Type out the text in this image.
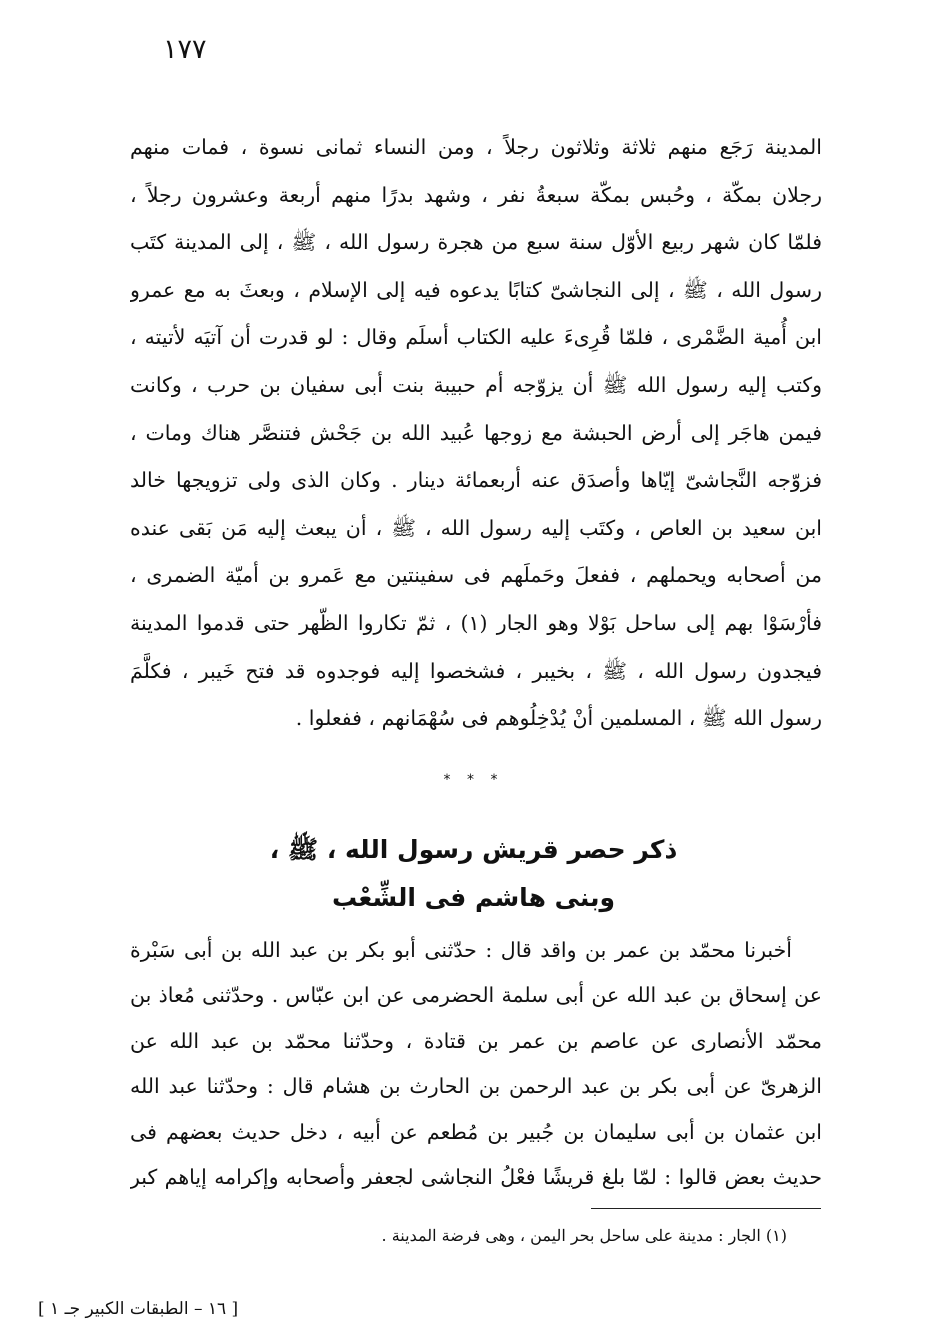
١٧٧
المدينة رَجَع منهم ثلاثة وثلاثون رجلاً ، ومن النساء ثمانى نسوة ، فمات منهم
رجلان بمكّة ، وحُبس بمكّة سبعةُ نفر ، وشهد بدرًا منهم أربعة وعشرون رجلاً ،
فلمّا كان شهر ربيع الأوّل سنة سبع من هجرة رسول الله ، ﷺ ، إلى المدينة كتَب
رسول الله ، ﷺ ، إلى النجاشىّ كتابًا يدعوه فيه إلى الإسلام ، وبعثَ به مع عمرو
ابن أُمية الضَّمْرى ، فلمّا قُرِىءَ عليه الكتاب أسلَم وقال : لو قدرت أن آتيَه لأتيته ،
وكتب إليه رسول الله ﷺ أن يزوّجه أم حبيبة بنت أبى سفيان بن حرب ، وكانت
فيمن هاجَر إلى أرض الحبشة مع زوجها عُبيد الله بن جَحْش فتنصَّر هناك ومات ،
فزوّجه النَّجاشىّ إيّاها وأصدَق عنه أربعمائة دينار . وكان الذى ولى تزويجها خالد
ابن سعيد بن العاص ، وكتَب إليه رسول الله ، ﷺ ، أن يبعث إليه مَن بَقى عنده
من أصحابه ويحملهم ، ففعلَ وحَملَهم فى سفينتين مع عَمرو بن أميّة الضمرى ،
فأرْسَوْا بهم إلى ساحل بَوْلا وهو الجار (١) ، ثمّ تكاروا الظّهر حتى قدموا المدينة
فيجدون رسول الله ، ﷺ ، بخيبر ، فشخصوا إليه فوجدوه قد فتح خَيبر ، فكلَّمَ
رسول الله ﷺ ، المسلمين أنْ يُدْخِلُوهم فى سُهْمَانهم ، ففعلوا .
* * *
ذكر حصر قريش رسول الله ، ﷺ ،
وبنى هاشم فى الشِّعْب
أخبرنا محمّد بن عمر بن واقد قال : حدّثنى أبو بكر بن عبد الله بن أبى سَبْرة
عن إسحاق بن عبد الله عن أبى سلمة الحضرمى عن ابن عبّاس . وحدّثنى مُعاذ بن
محمّد الأنصارى عن عاصم بن عمر بن قتادة ، وحدّثنا محمّد بن عبد الله عن
الزهرىّ عن أبى بكر بن عبد الرحمن بن الحارث بن هشام قال : وحدّثنا عبد الله
ابن عثمان بن أبى سليمان بن جُبير بن مُطعم عن أبيه ، دخل حديث بعضهم فى
حديث بعض قالوا : لمّا بلغ قريشًا فعْلُ النجاشى لجعفر وأصحابه وإكرامه إياهم كبر
(١) الجار : مدينة على ساحل بحر اليمن ، وهى فرضة المدينة .
[ ١٦ – الطبقات الكبير جـ ١ ]
